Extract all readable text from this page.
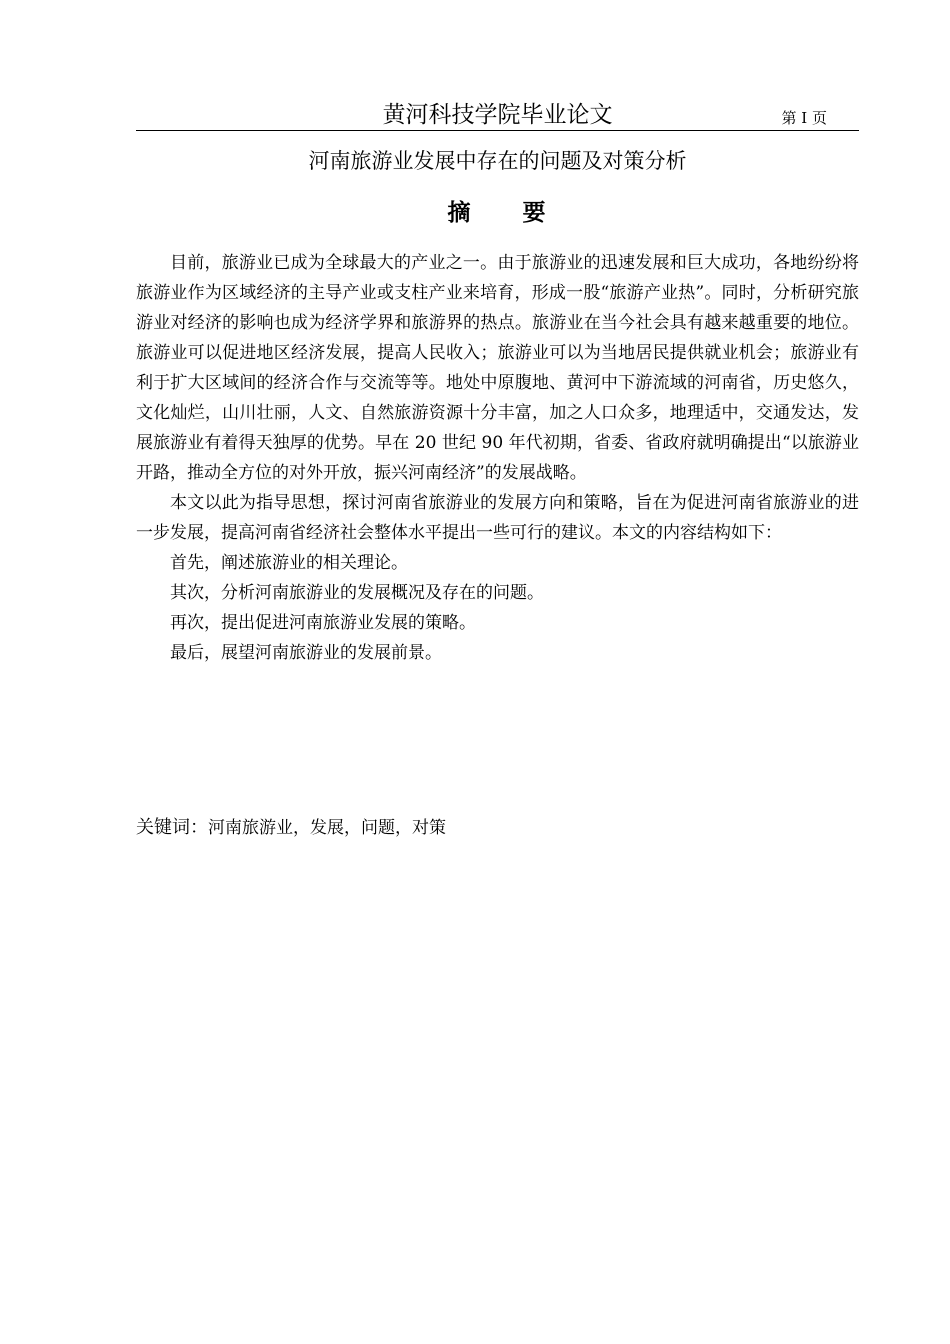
黄河科技学院毕业论文	第 I 页
河南旅游业发展中存在的问题及对策分析
摘　　要

目前，旅游业已成为全球最大的产业之一。由于旅游业的迅速发展和巨大成功，各地纷纷将旅游业作为区域经济的主导产业或支柱产业来培育，形成一股“旅游产业热”。同时，分析研究旅游业对经济的影响也成为经济学界和旅游界的热点。旅游业在当今社会具有越来越重要的地位。旅游业可以促进地区经济发展，提高人民收入；旅游业可以为当地居民提供就业机会；旅游业有利于扩大区域间的经济合作与交流等等。地处中原腹地、黄河中下游流域的河南省，历史悠久，文化灿烂，山川壮丽，人文、自然旅游资源十分丰富，加之人口众多，地理适中，交通发达，发展旅游业有着得天独厚的优势。早在 20 世纪 90 年代初期，省委、省政府就明确提出“以旅游业开路，推动全方位的对外开放，振兴河南经济”的发展战略。

本文以此为指导思想，探讨河南省旅游业的发展方向和策略，旨在为促进河南省旅游业的进一步发展，提高河南省经济社会整体水平提出一些可行的建议。本文的内容结构如下：

首先，阐述旅游业的相关理论。

其次，分析河南旅游业的发展概况及存在的问题。

再次，提出促进河南旅游业发展的策略。

最后，展望河南旅游业的发展前景。

关键词：河南旅游业，发展，问题，对策
